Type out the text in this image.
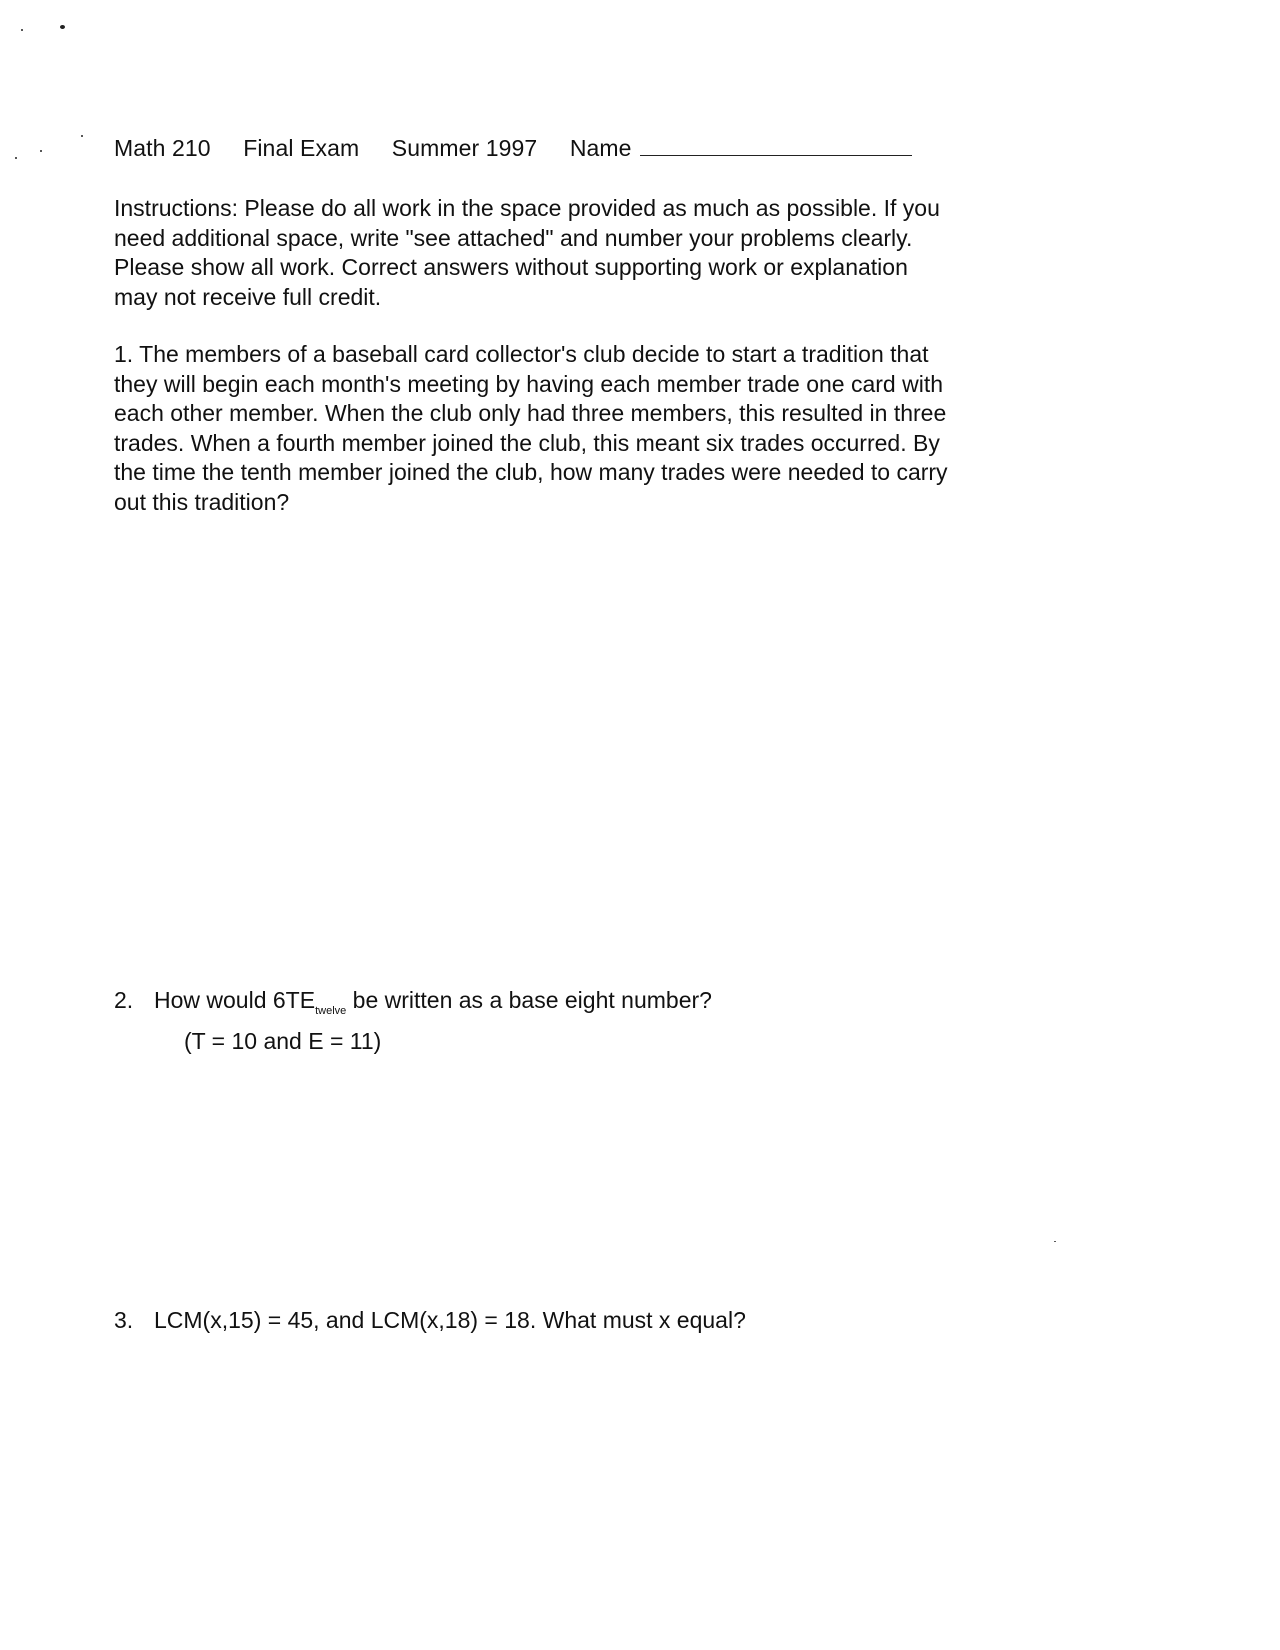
Math 210 Final Exam Summer 1997 Name
Instructions: Please do all work in the space provided as much as possible. If you
need additional space, write "see attached" and number your problems clearly.
Please show all work. Correct answers without supporting work or explanation
may not receive full credit.
1. The members of a baseball card collector's club decide to start a tradition that
they will begin each month's meeting by having each member trade one card with
each other member. When the club only had three members, this resulted in three
trades. When a fourth member joined the club, this meant six trades occurred. By
the time the tenth member joined the club, how many trades were needed to carry
out this tradition?
2. How would $6TE_{twelve}$ be written as a base eight number?
(T = 10 and E = 11)
3. LCM(x,15) = 45, and LCM(x,18) = 18. What must x equal?
